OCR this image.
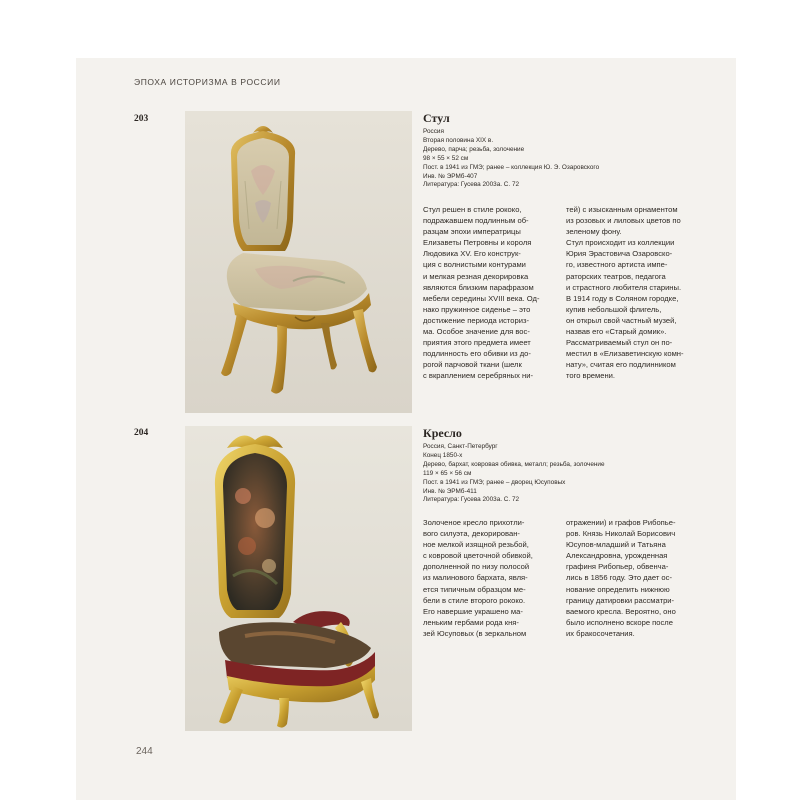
ЭПОХА ИСТОРИЗМА В РОССИИ
203	Стул
Россия
Вторая половина XIX в.
Дерево, парча; резьба, золочение
98 × 55 × 52 см
Пост. в 1941 из ГМЭ; ранее – коллекция Ю. Э. Озаровского
Инв. № ЭРМб-407
Литература: Гусева 2003а. С. 72
Стул решен в стиле рококо,
подражавшем подлинным об-
разцам эпохи императрицы
Елизаветы Петровны и короля
Людовика XV. Его конструк-
ция с волнистыми контурами
и мелкая резная декорировка
являются близким парафразом
мебели середины XVIII века. Од-
нако пружинное сиденье – это
достижение периода историз-
ма. Особое значение для вос-
приятия этого предмета имеет
подлинность его обивки из до-
рогой парчовой ткани (шелк
с вкраплением серебряных ни-
тей) с изысканным орнаментом
из розовых и лиловых цветов по
зеленому фону.
Стул происходит из коллекции
Юрия Эрастовича Озаровско-
го, известного артиста импе-
раторских театров, педагога
и страстного любителя старины.
В 1914 году в Соляном городке,
купив небольшой флигель,
он открыл свой частный музей,
назвав его «Старый домик».
Рассматриваемый стул он по-
местил в «Елизаветинскую комн-
нату», считая его подлинником
того времени.
204	Кресло
Россия, Санкт-Петербург
Конец 1850-х
Дерево, бархат, ковровая обивка, металл; резьба, золочение
119 × 65 × 56 см
Пост. в 1941 из ГМЭ; ранее – дворец Юсуповых
Инв. № ЭРМб-411
Литература: Гусева 2003а. С. 72
Золоченое кресло прихотли-
вого силуэта, декорирован-
ное мелкой изящной резьбой,
с ковровой цветочной обивкой,
дополненной по низу полосой
из малинового бархата, явля-
ется типичным образцом ме-
бели в стиле второго рококо.
Его навершие украшено ма-
леньким гербами рода кня-
зей Юсуповых (в зеркальном
отражении) и графов Рибопье-
ров. Князь Николай Борисович
Юсупов-младший и Татьяна
Александровна, урожденная
графиня Рибопьер, обвенча-
лись в 1856 году. Это дает ос-
нование определить нижнюю
границу датировки рассматри-
ваемого кресла. Вероятно, оно
было исполнено вскоре после
их бракосочетания.
244
